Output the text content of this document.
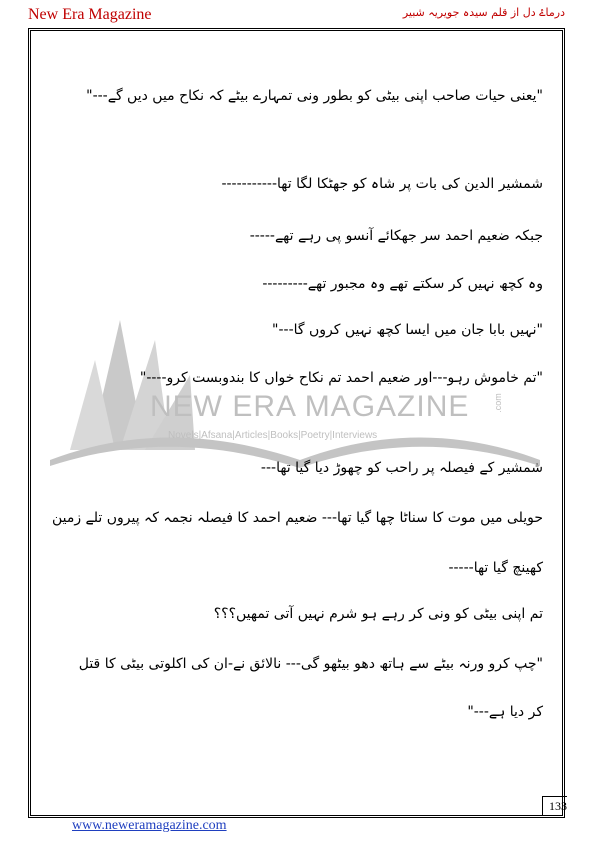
New Era Magazine	درماۓ دل از قلم سیدہ جویریہ شبیر
NEW ERA MAGAZINE
Novels|Afsana|Articles|Books|Poetry|Interviews
.com
"یعنی حیات صاحب اپنی بیٹی کو بطور ونی تمہارے بیٹے کہ نکاح میں دیں گے---"
شمشیر الدین کی بات پر شاہ کو جھٹکا لگا تھا-----------
جبکہ ضعیم احمد سر جھکائے آنسو پی رہے تھے-----
وہ کچھ نہیں کر سکتے تھے وہ مجبور تھے---------
"نہیں بابا جان میں ایسا کچھ نہیں کروں گا---"
"تم خاموش رہو---اور ضعیم احمد تم نکاح خواں کا بندوبست کرو----"
شمشیر کے فیصلہ پر راحب کو چھوڑ دیا گیا تھا---
حویلی میں موت کا سناٹا چھا گیا تھا--- ضعیم احمد کا فیصلہ نجمہ کہ پیروں تلے زمین
کھینچ گیا تھا-----
تم اپنی بیٹی کو ونی کر رہے ہو شرم نہیں آتی تمھیں؟؟؟
"چپ کرو ورنہ بیٹے سے ہاتھ دھو بیٹھو گی--- نالائق نے-ان کی اکلوتی بیٹی کا قتل
کر دیا ہے---"
133
www.neweramagazine.com
